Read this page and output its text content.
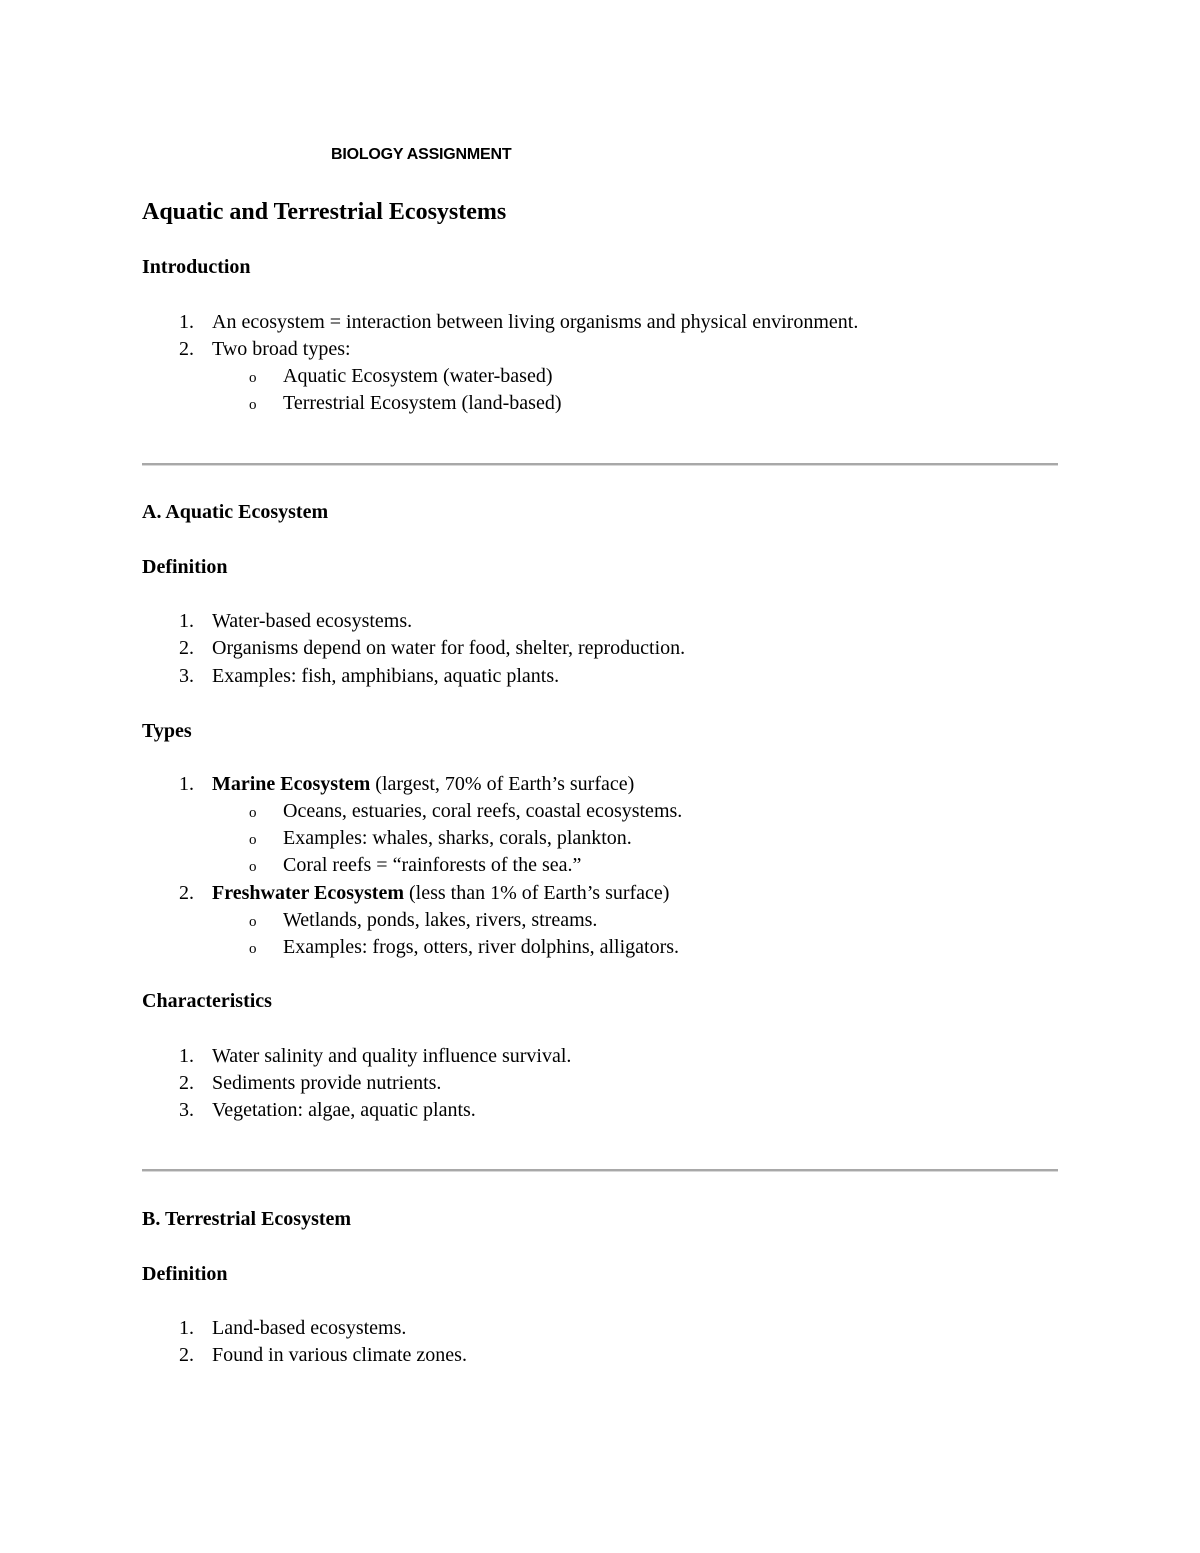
BIOLOGY ASSIGNMENT
Aquatic and Terrestrial Ecosystems
Introduction
1. An ecosystem = interaction between living organisms and physical environment.
2. Two broad types:
o Aquatic Ecosystem (water-based)
o Terrestrial Ecosystem (land-based)
A. Aquatic Ecosystem
Definition
1. Water-based ecosystems.
2. Organisms depend on water for food, shelter, reproduction.
3. Examples: fish, amphibians, aquatic plants.
Types
1. Marine Ecosystem (largest, 70% of Earth’s surface)
o Oceans, estuaries, coral reefs, coastal ecosystems.
o Examples: whales, sharks, corals, plankton.
o Coral reefs = “rainforests of the sea.”
2. Freshwater Ecosystem (less than 1% of Earth’s surface)
o Wetlands, ponds, lakes, rivers, streams.
o Examples: frogs, otters, river dolphins, alligators.
Characteristics
1. Water salinity and quality influence survival.
2. Sediments provide nutrients.
3. Vegetation: algae, aquatic plants.
B. Terrestrial Ecosystem
Definition
1. Land-based ecosystems.
2. Found in various climate zones.
